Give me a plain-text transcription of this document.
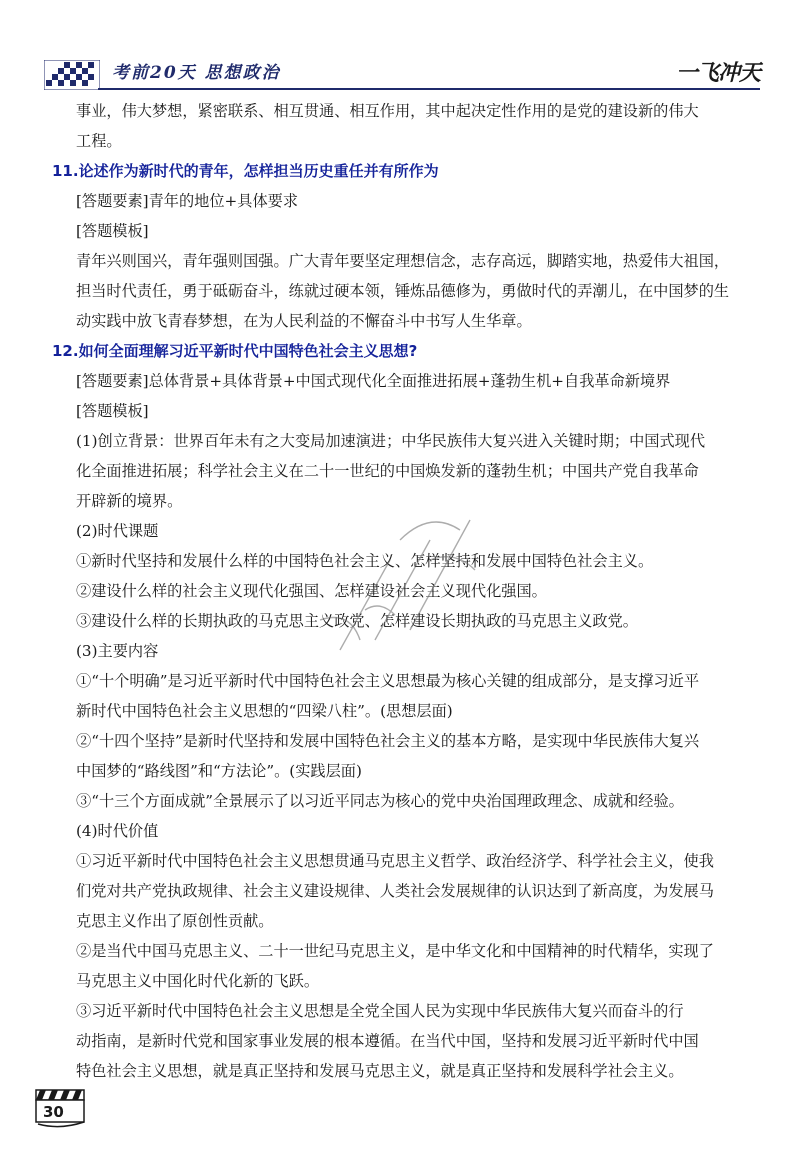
考前20天 思想政治	一飞冲天
事业，伟大梦想，紧密联系、相互贯通、相互作用，其中起决定性作用的是党的建设新的伟大
工程。
11.论述作为新时代的青年，怎样担当历史重任并有所作为
[答题要素]青年的地位+具体要求
[答题模板]
青年兴则国兴，青年强则国强。广大青年要坚定理想信念，志存高远，脚踏实地，热爱伟大祖国，
担当时代责任，勇于砥砺奋斗，练就过硬本领，锤炼品德修为，勇做时代的弄潮儿，在中国梦的生
动实践中放飞青春梦想，在为人民利益的不懈奋斗中书写人生华章。
12.如何全面理解习近平新时代中国特色社会主义思想?
[答题要素]总体背景+具体背景+中国式现代化全面推进拓展+蓬勃生机+自我革命新境界
[答题模板]
(1)创立背景：世界百年未有之大变局加速演进；中华民族伟大复兴进入关键时期；中国式现代
化全面推进拓展；科学社会主义在二十一世纪的中国焕发新的蓬勃生机；中国共产党自我革命
开辟新的境界。
(2)时代课题
①新时代坚持和发展什么样的中国特色社会主义、怎样坚持和发展中国特色社会主义。
②建设什么样的社会主义现代化强国、怎样建设社会主义现代化强国。
③建设什么样的长期执政的马克思主义政党、怎样建设长期执政的马克思主义政党。
(3)主要内容
①“十个明确”是习近平新时代中国特色社会主义思想最为核心关键的组成部分，是支撑习近平
新时代中国特色社会主义思想的“四梁八柱”。(思想层面)
②“十四个坚持”是新时代坚持和发展中国特色社会主义的基本方略，是实现中华民族伟大复兴
中国梦的“路线图”和“方法论”。(实践层面)
③“十三个方面成就”全景展示了以习近平同志为核心的党中央治国理政理念、成就和经验。
(4)时代价值
①习近平新时代中国特色社会主义思想贯通马克思主义哲学、政治经济学、科学社会主义，使我
们党对共产党执政规律、社会主义建设规律、人类社会发展规律的认识达到了新高度，为发展马
克思主义作出了原创性贡献。
②是当代中国马克思主义、二十一世纪马克思主义，是中华文化和中国精神的时代精华，实现了
马克思主义中国化时代化新的飞跃。
③习近平新时代中国特色社会主义思想是全党全国人民为实现中华民族伟大复兴而奋斗的行
动指南，是新时代党和国家事业发展的根本遵循。在当代中国，坚持和发展习近平新时代中国
特色社会主义思想，就是真正坚持和发展马克思主义，就是真正坚持和发展科学社会主义。
30
